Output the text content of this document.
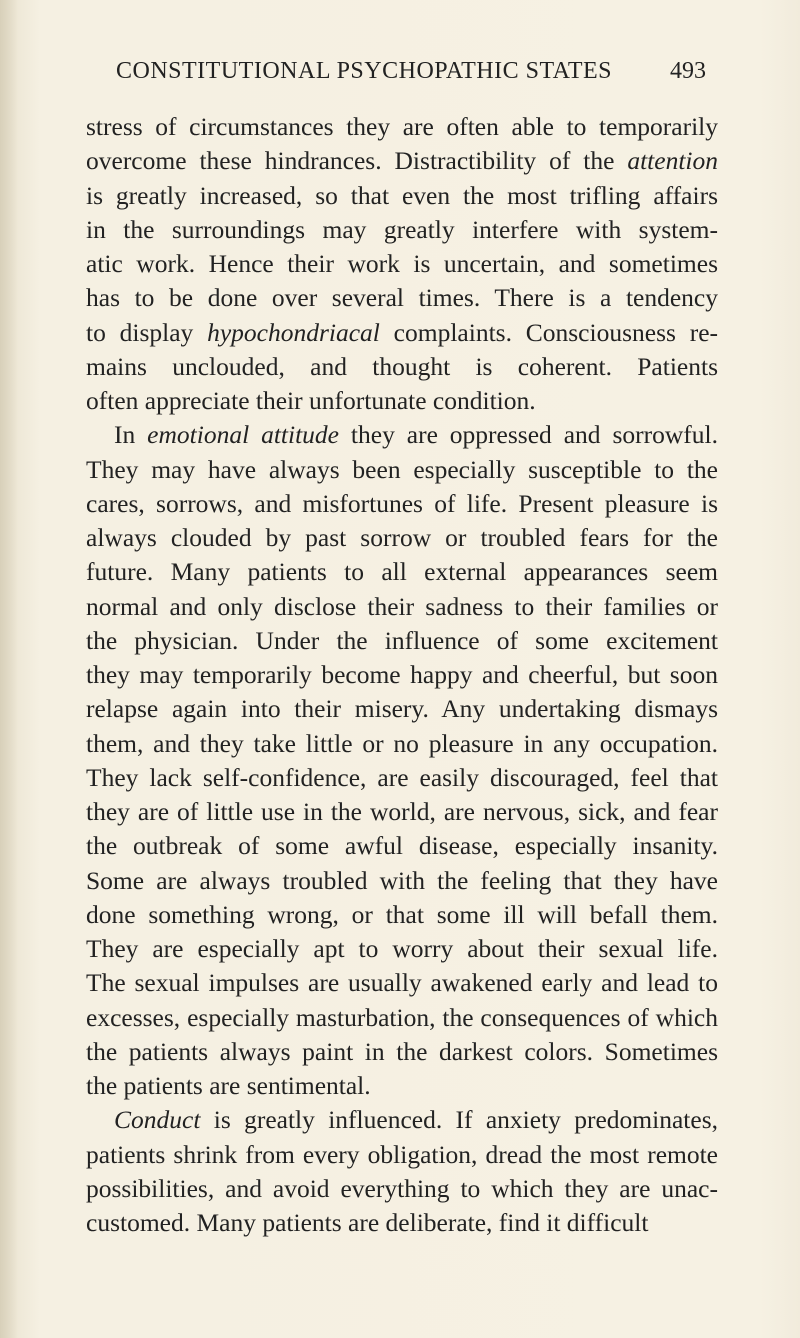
CONSTITUTIONAL PSYCHOPATHIC STATES 493
stress of circumstances they are often able to temporarily
overcome these hindrances. Distractibility of the attention
is greatly increased, so that even the most trifling affairs
in the surroundings may greatly interfere with system-
atic work. Hence their work is uncertain, and sometimes
has to be done over several times. There is a tendency
to display hypochondriacal complaints. Consciousness re-
mains unclouded, and thought is coherent. Patients
often appreciate their unfortunate condition.
In emotional attitude they are oppressed and sorrowful.
They may have always been especially susceptible to the
cares, sorrows, and misfortunes of life. Present pleasure is
always clouded by past sorrow or troubled fears for the
future. Many patients to all external appearances seem
normal and only disclose their sadness to their families or
the physician. Under the influence of some excitement
they may temporarily become happy and cheerful, but soon
relapse again into their misery. Any undertaking dismays
them, and they take little or no pleasure in any occupation.
They lack self-confidence, are easily discouraged, feel that
they are of little use in the world, are nervous, sick, and fear
the outbreak of some awful disease, especially insanity.
Some are always troubled with the feeling that they have
done something wrong, or that some ill will befall them.
They are especially apt to worry about their sexual life.
The sexual impulses are usually awakened early and lead to
excesses, especially masturbation, the consequences of which
the patients always paint in the darkest colors. Sometimes
the patients are sentimental.
Conduct is greatly influenced. If anxiety predominates,
patients shrink from every obligation, dread the most remote
possibilities, and avoid everything to which they are unac-
customed. Many patients are deliberate, find it difficult
